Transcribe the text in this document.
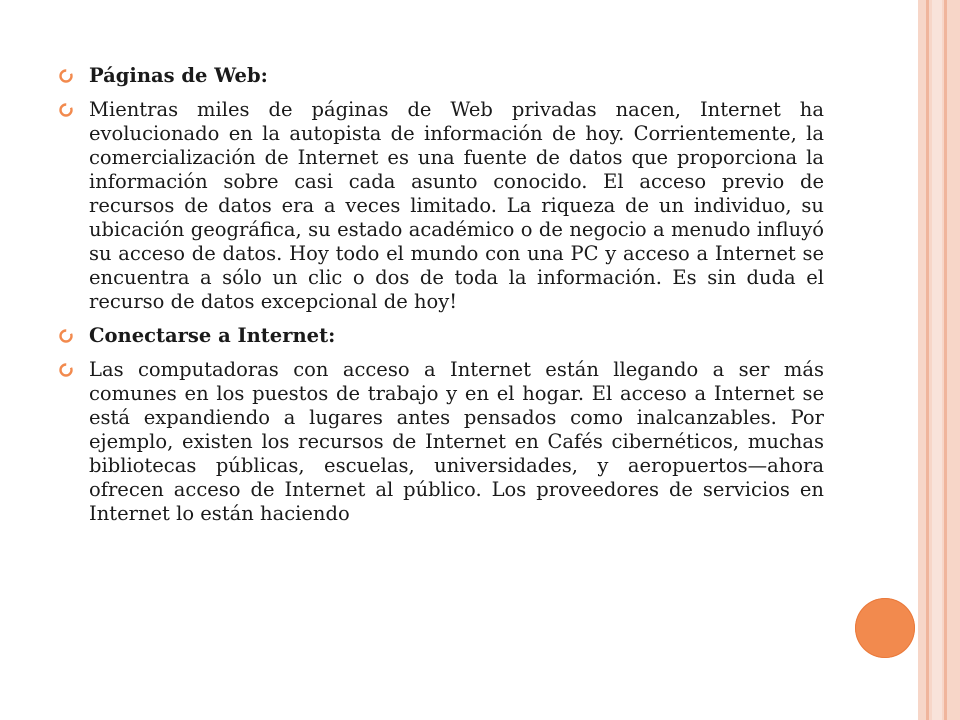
Páginas de Web:
Mientras miles de páginas de Web privadas nacen, Internet ha evolucionado en la autopista de información de hoy. Corrientemente, la comercialización de Internet es una fuente de datos que proporciona la información sobre casi cada asunto conocido. El acceso previo de recursos de datos era a veces limitado. La riqueza de un individuo, su ubicación geográfica, su estado académico o de negocio a menudo influyó su acceso de datos. Hoy todo el mundo con una PC y acceso a Internet se encuentra a sólo un clic o dos de toda la información. Es sin duda el recurso de datos excepcional de hoy!
Conectarse a Internet:
Las computadoras con acceso a Internet están llegando a ser más comunes en los puestos de trabajo y en el hogar. El acceso a Internet se está expandiendo a lugares antes pensados como inalcanzables. Por ejemplo, existen los recursos de Internet en Cafés cibernéticos, muchas bibliotecas públicas, escuelas, universidades, y aeropuertos—ahora ofrecen acceso de Internet al público. Los proveedores de servicios en Internet lo están haciendo
